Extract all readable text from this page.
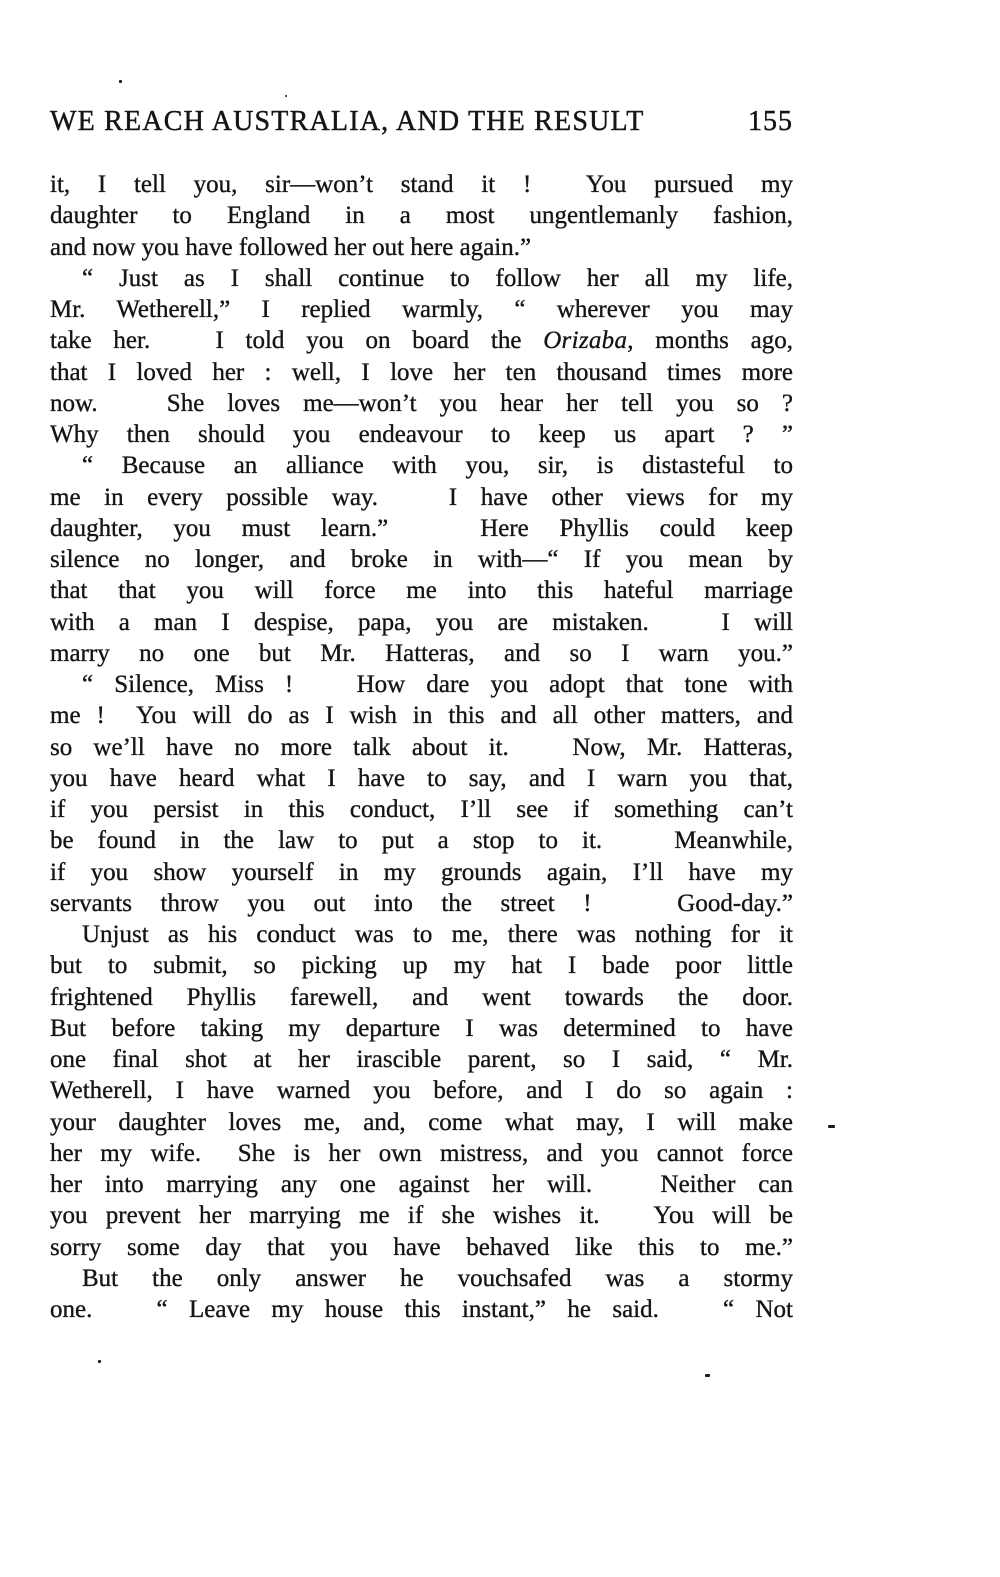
WE REACH AUSTRALIA, AND THE RESULT	155
it, I tell you, sir—won’t stand it !  You pursued my
daughter to England in a most ungentlemanly fashion,
and now you have followed her out here again.”
“ Just as I shall continue to follow her all my life,
Mr. Wetherell,” I replied warmly, “ wherever you may
take her.   I told you on board the Orizaba, months ago,
that I loved her : well, I love her ten thousand times more
now.   She loves me—won’t you hear her tell you so ?
Why then should you endeavour to keep us apart ? ”
“ Because an alliance with you, sir, is distasteful to
me in every possible way.   I have other views for my
daughter, you must learn.”   Here Phyllis could keep
silence no longer, and broke in with—“ If you mean by
that that you will force me into this hateful marriage
with a man I despise, papa, you are mistaken.   I will
marry no one but Mr. Hatteras, and so I warn you.”
“ Silence, Miss !   How dare you adopt that tone with
me !  You will do as I wish in this and all other matters, and
so we’ll have no more talk about it.   Now, Mr. Hatteras,
you have heard what I have to say, and I warn you that,
if you persist in this conduct, I’ll see if something can’t
be found in the law to put a stop to it.   Meanwhile,
if you show yourself in my grounds again, I’ll have my
servants throw you out into the street !   Good-day.”
Unjust as his conduct was to me, there was nothing for it
but to submit, so picking up my hat I bade poor little
frightened Phyllis farewell, and went towards the door.
But before taking my departure I was determined to have
one final shot at her irascible parent, so I said, “ Mr.
Wetherell, I have warned you before, and I do so again :
your daughter loves me, and, come what may, I will make
her my wife.  She is her own mistress, and you cannot force
her into marrying any one against her will.   Neither can
you prevent her marrying me if she wishes it.   You will be
sorry some day that you have behaved like this to me.”
But the only answer he vouchsafed was a stormy
one.   “ Leave my house this instant,” he said.   “ Not
